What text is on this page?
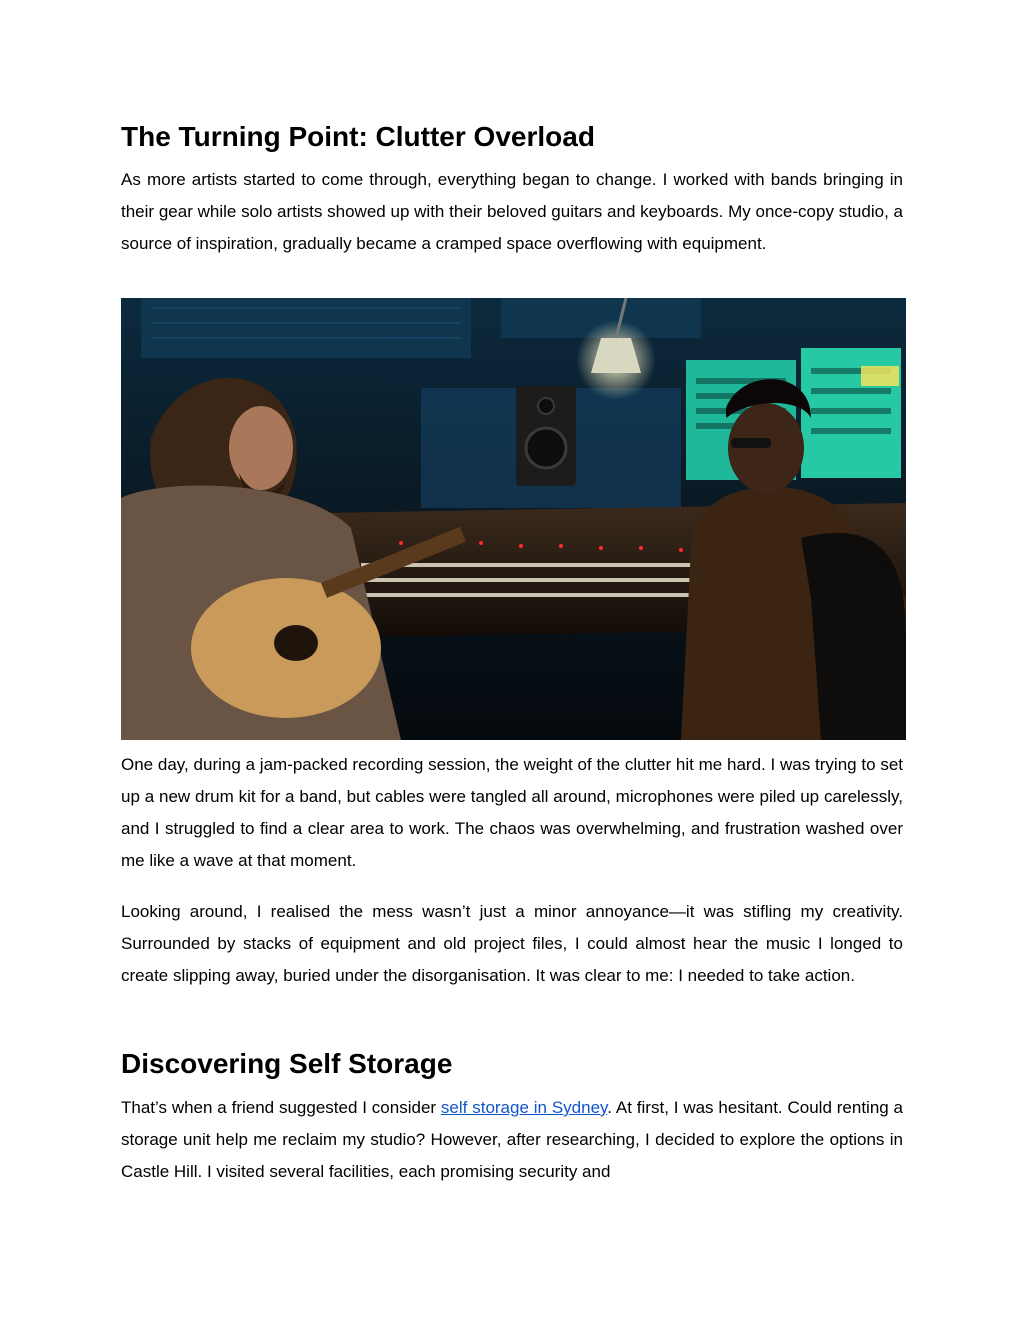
The Turning Point: Clutter Overload

As more artists started to come through, everything began to change. I worked with bands bringing in their gear while solo artists showed up with their beloved guitars and keyboards. My once-copy studio, a source of inspiration, gradually became a cramped space overflowing with equipment.

One day, during a jam-packed recording session, the weight of the clutter hit me hard. I was trying to set up a new drum kit for a band, but cables were tangled all around, microphones were piled up carelessly, and I struggled to find a clear area to work. The chaos was overwhelming, and frustration washed over me like a wave at that moment.

Looking around, I realised the mess wasn’t just a minor annoyance—it was stifling my creativity. Surrounded by stacks of equipment and old project files, I could almost hear the music I longed to create slipping away, buried under the disorganisation. It was clear to me: I needed to take action.

Discovering Self Storage

That’s when a friend suggested I consider self storage in Sydney. At first, I was hesitant. Could renting a storage unit help me reclaim my studio? However, after researching, I decided to explore the options in Castle Hill. I visited several facilities, each promising security and
